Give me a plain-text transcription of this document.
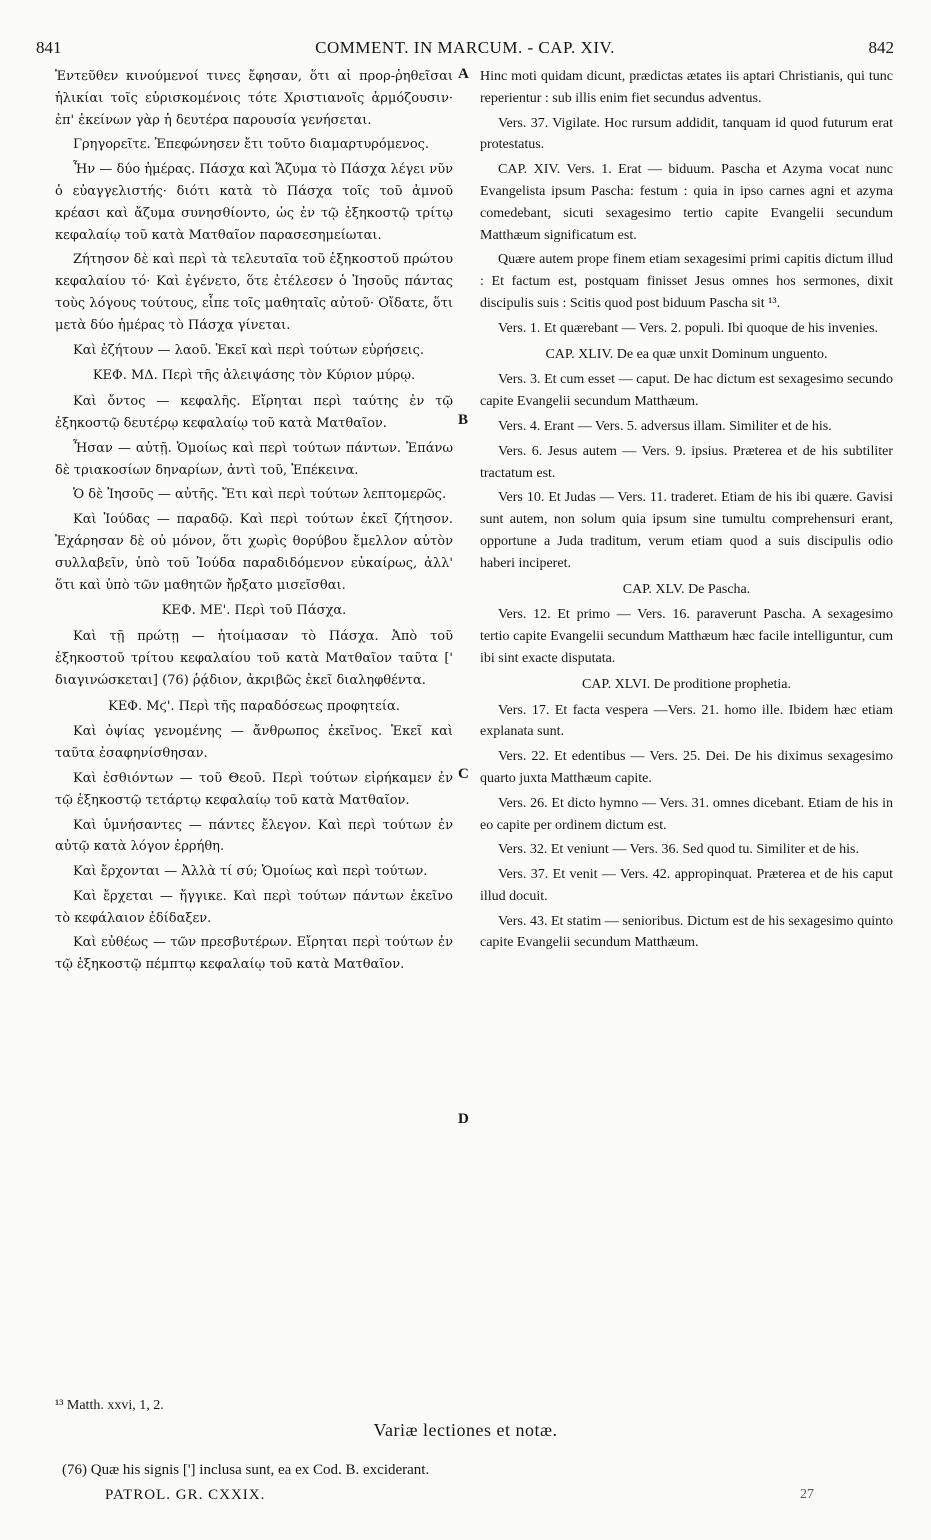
841	COMMENT. IN MARCUM. - CAP. XIV.	842

Ἐντεῦθεν κινούμενοί τινες ἔφησαν, ὅτι αἱ προρ-ῥηθεῖσαι ἡλικίαι τοῖς εὑρισκομένοις τότε Χριστιανοῖς ἁρμόζουσιν· ἐπ' ἐκείνων γὰρ ἡ δευτέρα παρουσία γενήσεται.

Γρηγορεῖτε. Ἐπεφώνησεν ἔτι τοῦτο διαμαρτυρόμενος.

Ἦν — δύο ἡμέρας. Πάσχα καὶ Ἄζυμα τὸ Πάσχα λέγει νῦν ὁ εὐαγγελιστής· διότι κατὰ τὸ Πάσχα τοῖς τοῦ ἀμνοῦ κρέασι καὶ ἄζυμα συνησθίοντο, ὡς ἐν τῷ ἑξηκοστῷ τρίτῳ κεφαλαίῳ τοῦ κατὰ Ματθαῖον παρασεσημείωται.

Ζήτησον δὲ καὶ περὶ τὰ τελευταῖα τοῦ ἑξηκοστοῦ πρώτου κεφαλαίου τό· Καὶ ἐγένετο, ὅτε ἐτέλεσεν ὁ Ἰησοῦς πάντας τοὺς λόγους τούτους, εἶπε τοῖς μαθηταῖς αὐτοῦ· Οἴδατε, ὅτι μετὰ δύο ἡμέρας τὸ Πάσχα γίνεται.

Καὶ ἐζήτουν — λαοῦ. Ἐκεῖ καὶ περὶ τούτων εὑρήσεις.

ΚΕΦ. ΜΔ. Περὶ τῆς ἀλειψάσης τὸν Κύριον μύρῳ.

Καὶ ὄντος — κεφαλῆς. Εἴρηται περὶ ταύτης ἐν τῷ ἑξηκοστῷ δευτέρῳ κεφαλαίῳ τοῦ κατὰ Ματθαῖον.

Ἦσαν — αὐτῇ. Ὁμοίως καὶ περὶ τούτων πάντων. Ἐπάνω δὲ τριακοσίων δηναρίων, ἀντὶ τοῦ, Ἐπέκεινα.

Ὁ δὲ Ἰησοῦς — αὐτῆς. Ἔτι καὶ περὶ τούτων λεπτομερῶς.

Καὶ Ἰούδας — παραδῷ. Καὶ περὶ τούτων ἐκεῖ ζήτησον. Ἐχάρησαν δὲ οὐ μόνον, ὅτι χωρὶς θορύβου ἔμελλον αὐτὸν συλλαβεῖν, ὑπὸ τοῦ Ἰούδα παραδιδόμενον εὐκαίρως, ἀλλ' ὅτι καὶ ὑπὸ τῶν μαθητῶν ἤρξατο μισεῖσθαι.

ΚΕΦ. ΜΕ'. Περὶ τοῦ Πάσχα.

Καὶ τῇ πρώτῃ — ἡτοίμασαν τὸ Πάσχα. Ἀπὸ τοῦ ἑξηκοστοῦ τρίτου κεφαλαίου τοῦ κατὰ Ματθαῖον ταῦτα [' διαγινώσκεται] (76) ῥᾴδιον, ἀκριβῶς ἐκεῖ διαληφθέντα.

ΚΕΦ. Μϛ'. Περὶ τῆς παραδόσεως προφητεία.

Καὶ ὀψίας γενομένης — ἄνθρωπος ἐκεῖνος. Ἐκεῖ καὶ ταῦτα ἐσαφηνίσθησαν.

Καὶ ἐσθιόντων — τοῦ Θεοῦ. Περὶ τούτων εἰρήκαμεν ἐν τῷ ἑξηκοστῷ τετάρτῳ κεφαλαίῳ τοῦ κατὰ Ματθαῖον.

Καὶ ὑμνήσαντες — πάντες ἔλεγον. Καὶ περὶ τούτων ἐν αὐτῷ κατὰ λόγον ἐρρήθη.

Καὶ ἔρχονται — Ἀλλὰ τί σύ; Ὁμοίως καὶ περὶ τούτων.

Καὶ ἔρχεται — ἤγγικε. Καὶ περὶ τούτων πάντων ἐκεῖνο τὸ κεφάλαιον ἐδίδαξεν.

Καὶ εὐθέως — τῶν πρεσβυτέρων. Εἴρηται περὶ τούτων ἐν τῷ ἑξηκοστῷ πέμπτῳ κεφαλαίῳ τοῦ κατὰ Ματθαῖον.

Hinc moti quidam dicunt, prædictas ætates iis aptari Christianis, qui tunc reperientur : sub illis enim fiet secundus adventus.

Vers. 37. Vigilate. Hoc rursum addidit, tanquam id quod futurum erat protestatus.

CAP. XIV. Vers. 1. Erat — biduum. Pascha et Azyma vocat nunc Evangelista ipsum Pascha: festum : quia in ipso carnes agni et azyma comedebant, sicuti sexagesimo tertio capite Evangelii secundum Matthæum significatum est.

Quære autem prope finem etiam sexagesimi primi capitis dictum illud : Et factum est, postquam finisset Jesus omnes hos sermones, dixit discipulis suis : Scitis quod post biduum Pascha sit ¹³.

Vers. 1. Et quærebant — Vers. 2. populi. Ibi quoque de his invenies.

CAP. XLIV. De ea quæ unxit Dominum unguento.

Vers. 3. Et cum esset — caput. De hac dictum est sexagesimo secundo capite Evangelii secundum Matthæum.

Vers. 4. Erant — Vers. 5. adversus illam. Similiter et de his.

Vers. 6. Jesus autem — Vers. 9. ipsius. Præterea et de his subtiliter tractatum est.

Vers 10. Et Judas — Vers. 11. traderet. Etiam de his ibi quære. Gavisi sunt autem, non solum quia ipsum sine tumultu comprehensuri erant, opportune a Juda traditum, verum etiam quod a suis discipulis odio haberi inciperet.

CAP. XLV. De Pascha.

Vers. 12. Et primo — Vers. 16. paraverunt Pascha. A sexagesimo tertio capite Evangelii secundum Matthæum hæc facile intelliguntur, cum ibi sint exacte disputata.

CAP. XLVI. De proditione prophetia.

Vers. 17. Et facta vespera —Vers. 21. homo ille. Ibidem hæc etiam explanata sunt.

Vers. 22. Et edentibus — Vers. 25. Dei. De his diximus sexagesimo quarto juxta Matthæum capite.

Vers. 26. Et dicto hymno — Vers. 31. omnes dicebant. Etiam de his in eo capite per ordinem dictum est.

Vers. 32. Et veniunt — Vers. 36. Sed quod tu. Similiter et de his.

Vers. 37. Et venit — Vers. 42. appropinquat. Præterea et de his caput illud docuit.

Vers. 43. Et statim — senioribus. Dictum est de his sexagesimo quinto capite Evangelii secundum Matthæum.

A
B
C
D
¹³ Matth. xxvi, 1, 2.
Variæ lectiones et notæ.
(76) Quæ his signis ['] inclusa sunt, ea ex Cod. B. exciderant.
PATROL. GR. CXXIX.	27
